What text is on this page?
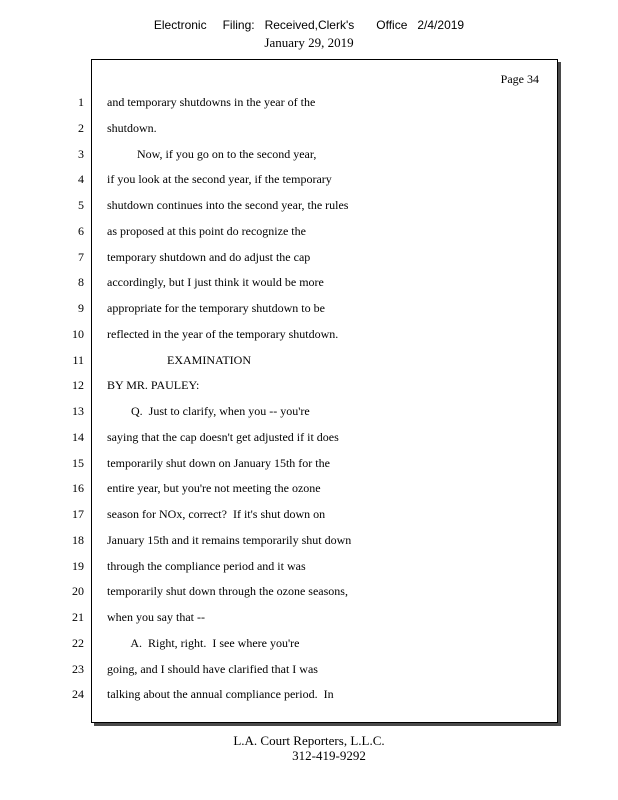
Electronic Filing: Received,Clerk's Office 2/4/2019
January 29, 2019
Page 34
1 and temporary shutdowns in the year of the
2 shutdown.
3 Now, if you go on to the second year,
4 if you look at the second year, if the temporary
5 shutdown continues into the second year, the rules
6 as proposed at this point do recognize the
7 temporary shutdown and do adjust the cap
8 accordingly, but I just think it would be more
9 appropriate for the temporary shutdown to be
10 reflected in the year of the temporary shutdown.
11 EXAMINATION
12 BY MR. PAULEY:
13 Q.  Just to clarify, when you -- you're
14 saying that the cap doesn't get adjusted if it does
15 temporarily shut down on January 15th for the
16 entire year, but you're not meeting the ozone
17 season for NOx, correct?  If it's shut down on
18 January 15th and it remains temporarily shut down
19 through the compliance period and it was
20 temporarily shut down through the ozone seasons,
21 when you say that --
22 A.  Right, right.  I see where you're
23 going, and I should have clarified that I was
24 talking about the annual compliance period.  In
L.A. Court Reporters, L.L.C.
312-419-9292
